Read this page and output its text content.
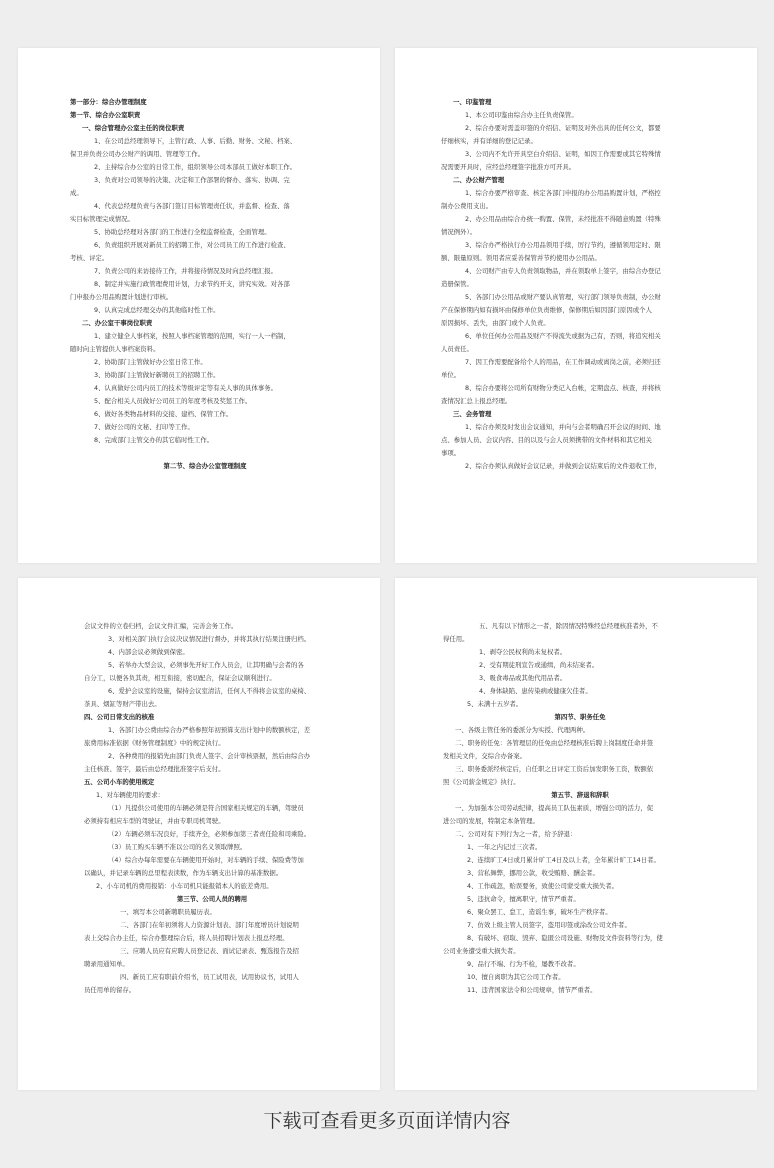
第一部分：综合办管理制度
第一节、综合办公室职责
一、综合管理办公室主任的岗位职责
1、在公司总经理领导下，主管行政、人事、后勤、财务、文秘、档案、
保卫并负责公司办公财产的调用、管理等工作。
2、主持综合办公室的日常工作，组织领导公司本部员工做好本职工作。
3、负责对公司领导的决策、决定和工作部署的督办、落实、协调、完
成。
4、代表总经理负责与各部门签订目标管理责任状，并监督、检查、落
实目标管理完成情况。
5、协助总经理对各部门的工作进行全程监督检查，全面管理。
6、负责组织开展对新员工的招聘工作，对公司员工的工作进行检查、
考核、评定。
7、负责公司的来访接待工作，并将接待情况及时向总经理汇报。
8、制定并实施行政管理费用计划，力求节约开支，讲究实效。对各部
门申报办公用品购置计划进行审核。
9、认真完成总经理交办的其他临时性工作。
二、办公室干事岗位职责
1、建立健全人事档案，按照人事档案管理的范围，实行一人一档制，
随时向主管提供人事档案资料。
2、协助部门主管做好办公室日常工作。
3、协助部门主管做好新聘员工的招聘工作。
4、认真做好公司内员工的技术等级评定等有关人事的具体事务。
5、配合相关人员做好公司员工的年度考核及奖惩工作。
6、做好各类物品材料的交接、建档、保管工作。
7、做好公司的文秘、打印等工作。
8、完成部门主管交办的其它临时性工作。
第二节、综合办公室管理制度
一、印鉴管理
1、本公司印鉴由综合办主任负责保管。
2、综合办要对需盖印签的介绍信、证明及对外出具的任何公文，都要
仔细核实，并有详细的登记记录。
3、公司内不允许开具空白介绍信、证明，如因工作需要或其它特殊情
况需要开具时，应经总经理签字批准方可开具。
二、办公财产管理
1、综合办要严格审查、核定各部门申报的办公用品购置计划，严格控
制办公费用支出。
2、办公用品由综合办统一购置、保管，未经批准不得随意购置（特殊
情况例外）。
3、综合办严格执行办公用品领用手续，厉行节约，遵循领用定时、限
额、限量原则。领用者应妥善保管并节约使用办公用品。
4、公司财产由专人负责领取物品，并在领取单上签字，由综合办登记
造册保管。
5、各部门办公用品或财产要认真管理，实行部门领导负责制，办公财
产在保修期内如有损坏由保修单位负责维修，保修期后如因部门原因或个人
原因损坏、丢失，由部门或个人负责。
6、单位任何办公用品及财产不得流失或据为己有，否则，将追究相关
人员责任。
7、因工作需要配备给个人的用品，在工作调动或离岗之前，必须归还
单位。
8、综合办要将公司所有财物分类记入台帐，定期盘点、核查，并将核
查情况汇总上报总经理。
三、会务管理
1、综合办须及时发出会议通知，并向与会者明确召开会议的时间、地
点、参加人员、会议内容、目的以及与会人员须携带的文件材料和其它相关
事项。
2、综合办须认真做好会议记录，并做到会议结束后的文件退收工作，
会议文件的立卷归档，会议文件汇编，完善会务工作。
3、对相关部门执行会议决议情况进行督办，并将其执行结果注册归档。
4、内部会议必须做到保密。
5、若举办大型会议，必须事先开好工作人员会，让其明确与会者的各
自分工，以便各负其责，相互衔接，密切配合，保证会议顺利进行。
6、爱护会议室的设施，保持会议室清洁，任何人不得将会议室的桌椅、
茶具、烟缸等财产带出去。
四、公司日常支出的核准
1、各部门办公费由综合办严格参照年初预算支出计划中的数额核定，差
旅费用标准依据《财务管理制度》中的规定执行。
2、各种费用的报销先由部门负责人签字、会计审核票据，然后由综合办
主任核准、签字，最后由总经理批准签字后支付。
五、公司小车的使用规定
1、对车辆使用的要求：
（1）凡提供公司使用的车辆必须是符合国家相关规定的车辆，驾驶员
必须持有相应车型的驾驶证，并由专职司机驾驶。
（2）车辆必须车况良好，手续齐全，必须参加第三者责任险和司乘险。
（3）员工购买车辆不准以公司的名义领取牌照。
（4）综合办每年需要在车辆使用开始时，对车辆的手续、保险费等加
以确认，并记录车辆的总里程表读数，作为车辆支出计算的基准数据。
2、小车司机的费用报销：小车司机只能报销本人的旅差费用。
第三节、公司人员的聘用
一、填写本公司新聘职员履历表。
二、各部门在年初须将人力资源计划表、部门年度增员计划说明
表上交综合办主任，综合办整理综合后，将人员招聘计划表上报总经理。
三、应聘人员应有应聘人员登记表、面试记录表、甄选报告及招
聘录用通知单。
四、新员工应有职前介绍书，员工试用表，试用协议书，试用人
员任用单的留存。
五、凡有以下情形之一者，除因情况特殊经总经理核准者外，不
得任用。
1、剥夺公民权利尚未复权者。
2、受有期徒刑宣告或通缉，尚未结案者。
3、吸食毒品或其他代用品者。
4、身体缺陷、患传染病或健康欠佳者。
5、未满十五岁者。
第四节、职务任免
一、各级主管任务的委派分为实授、代理两种。
二、职务的任免：各管理层的任免由总经理核准后聘上岗制度任命并签
发相关文件，交综合办备案。
三、职务委派经核定后，自任职之日评定工资后加发职务工资，数额依
照《公司薪金规定》执行。
第五节、辞退和辞职
一、为加强本公司劳动纪律，提高员工队伍素质，增强公司的活力，促
进公司的发展，特制定本条管理。
二、公司对有下列行为之一者，给予辞退：
1、一年之内记过三次者。
2、连续旷工4日或月累计旷工4日及以上者，全年累计旷工14日者。
3、营私舞弊，挪用公款，收受贿赂、酬金者。
4、工作疏忽，贻误要务，致使公司蒙受重大损失者。
5、违抗命令，擅离职守，情节严重者。
6、聚众罢工、怠工，造谣生事，破坏生产秩序者。
7、仿效上级主管人员签字，盗用印签或涂改公司文件者。
8、有破坏、窃取、毁弃、隐匿公司设施、财物及文件资料等行为，使
公司业务遭受重大损失者。
9、品行不端、行为不检，屡教不改者。
10、擅自离职为其它公司工作者。
11、违背国家法令和公司规章，情节严重者。
下载可查看更多页面详情内容
